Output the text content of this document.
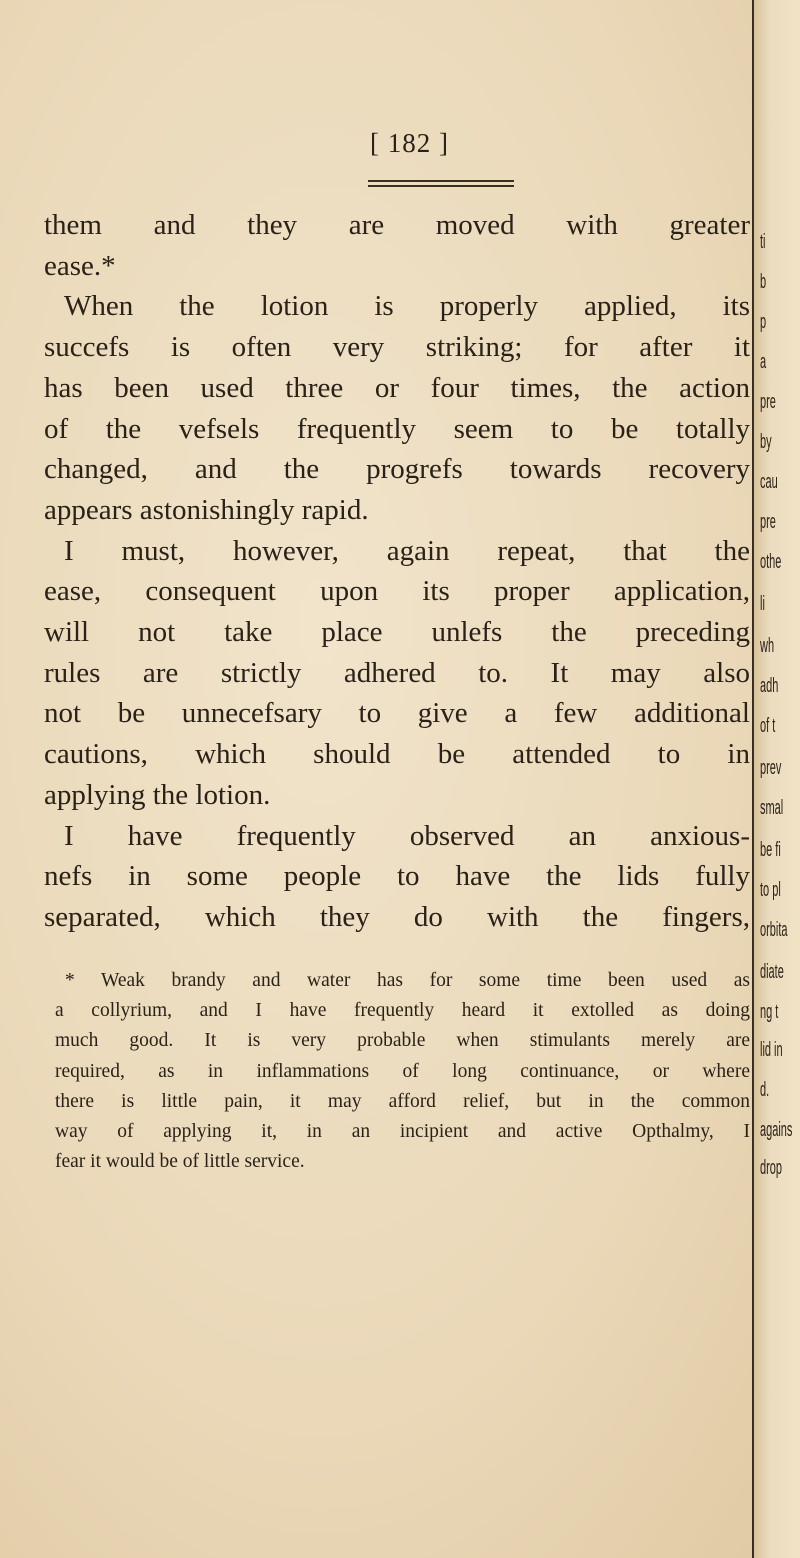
[ 182 ]
them and they are moved with greater
ease.*
When the lotion is properly applied, its
succefs is often very striking; for after it
has been used three or four times, the action
of the vefsels frequently seem to be totally
changed, and the progrefs towards recovery
appears astonishingly rapid.
I must, however, again repeat, that the
ease, consequent upon its proper application,
will not take place unlefs the preceding
rules are strictly adhered to. It may also
not be unnecefsary to give a few additional
cautions, which should be attended to in
applying the lotion.
I have frequently observed an anxious-
nefs in some people to have the lids fully
separated, which they do with the fingers,
* Weak brandy and water has for some time been used as
a collyrium, and I have frequently heard it extolled as doing
much good. It is very probable when stimulants merely are
required, as in inflammations of long continuance, or where
there is little pain, it may afford relief, but in the common
way of applying it, in an incipient and active Opthalmy, I
fear it would be of little service.
ti
b
p
a
pre
by
cau
pre
othe
li
wh
adh
of t
prev
smal
be fi
to pl
orbita
diate
ng t
lid in
d.
agains
drop
